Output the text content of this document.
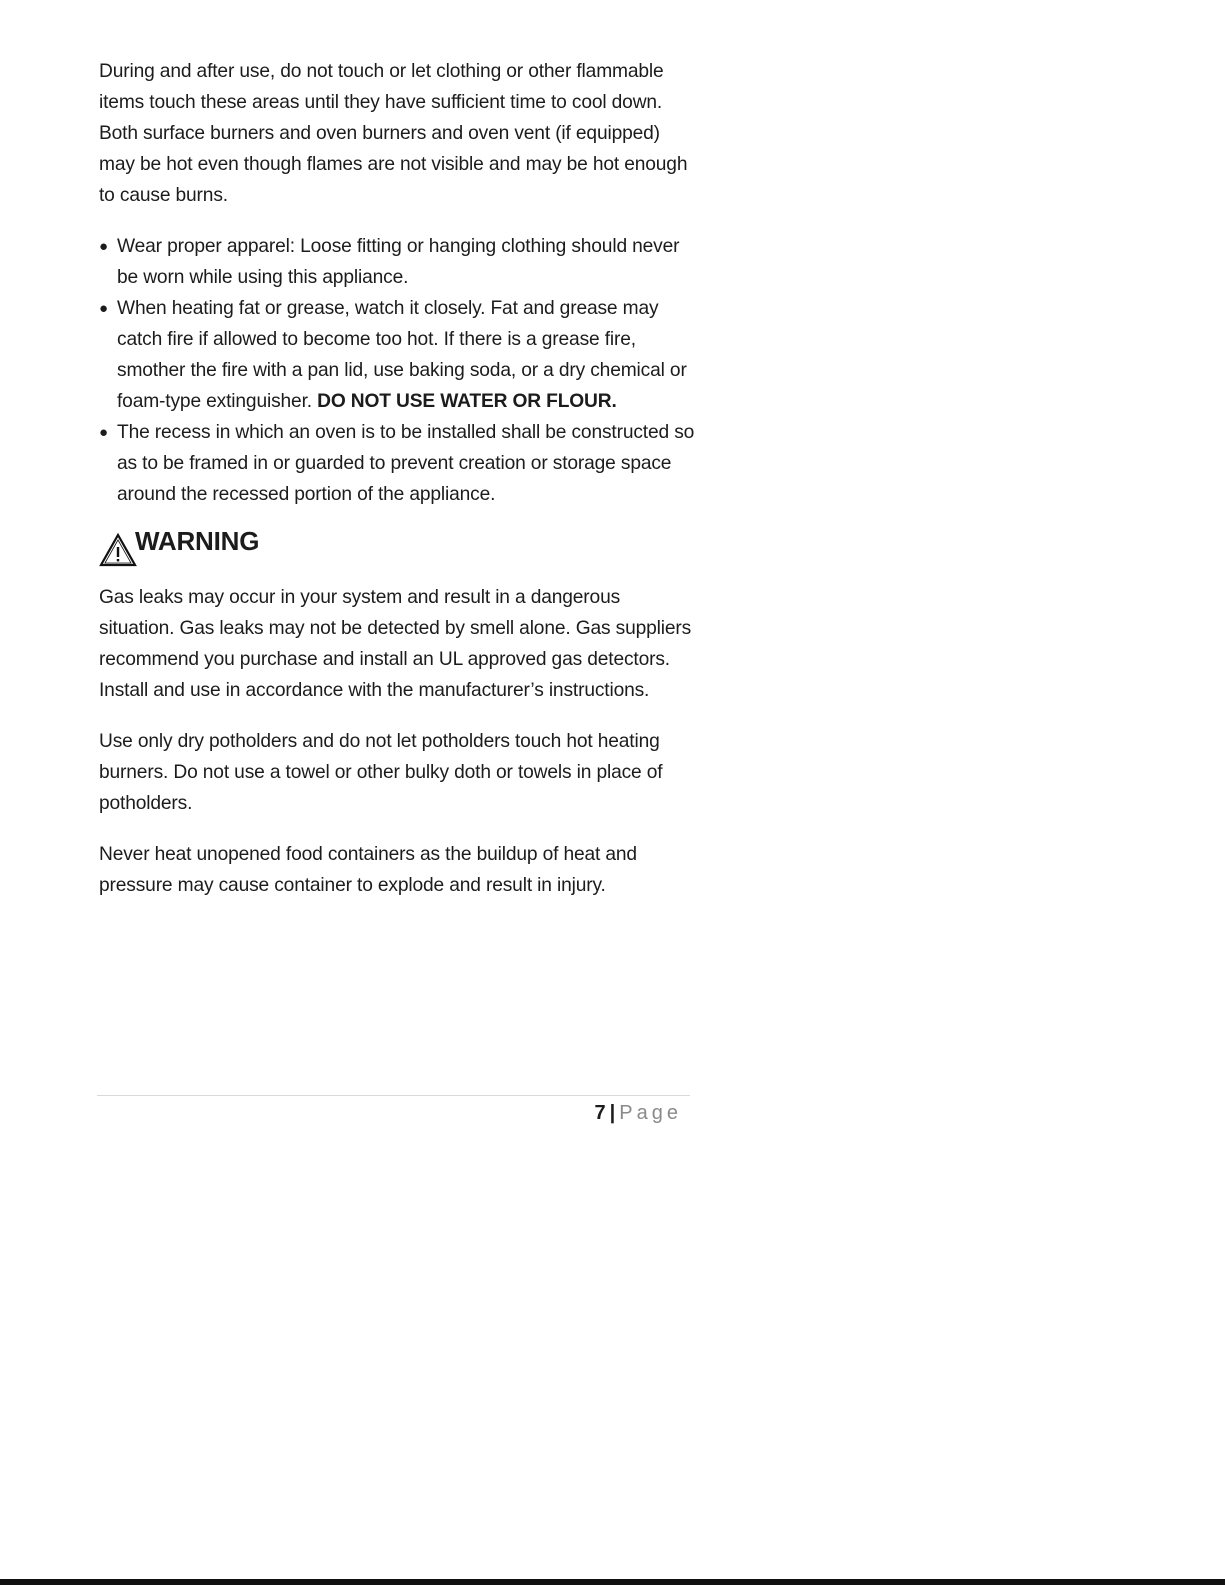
During and after use, do not touch or let clothing or other flammable items touch these areas until they have sufficient time to cool down. Both surface burners and oven burners and oven vent (if equipped) may be hot even though flames are not visible and may be hot enough to cause burns.

● Wear proper apparel: Loose fitting or hanging clothing should never be worn while using this appliance.
● When heating fat or grease, watch it closely. Fat and grease may catch fire if allowed to become too hot. If there is a grease fire, smother the fire with a pan lid, use baking soda, or a dry chemical or foam-type extinguisher. DO NOT USE WATER OR FLOUR.
● The recess in which an oven is to be installed shall be constructed so as to be framed in or guarded to prevent creation or storage space around the recessed portion of the appliance.
WARNING

Gas leaks may occur in your system and result in a dangerous situation. Gas leaks may not be detected by smell alone. Gas suppliers recommend you purchase and install an UL approved gas detectors. Install and use in accordance with the manufacturer’s instructions.

Use only dry potholders and do not let potholders touch hot heating burners. Do not use a towel or other bulky doth or towels in place of potholders.

Never heat unopened food containers as the buildup of heat and pressure may cause container to explode and result in injury.

7 | Page
